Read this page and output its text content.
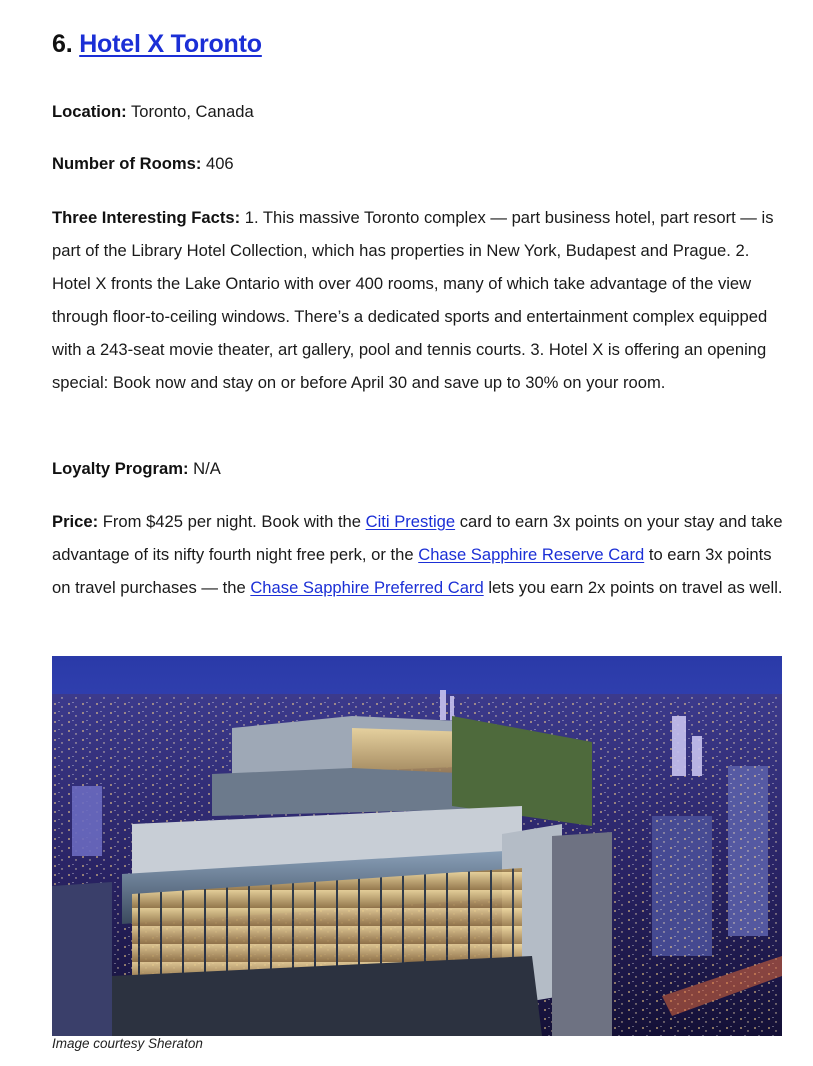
6. Hotel X Toronto

Location: Toronto, Canada

Number of Rooms: 406

Three Interesting Facts: 1. This massive Toronto complex — part business hotel, part resort — is part of the Library Hotel Collection, which has properties in New York, Budapest and Prague. 2. Hotel X fronts the Lake Ontario with over 400 rooms, many of which take advantage of the view through floor-to-ceiling windows. There’s a dedicated sports and entertainment complex equipped with a 243-seat movie theater, art gallery, pool and tennis courts. 3. Hotel X is offering an opening special: Book now and stay on or before April 30 and save up to 30% on your room.

Loyalty Program: N/A

Price: From $425 per night. Book with the Citi Prestige card to earn 3x points on your stay and take advantage of its nifty fourth night free perk, or the Chase Sapphire Reserve Card to earn 3x points on travel purchases — the Chase Sapphire Preferred Card lets you earn 2x points on travel as well.

Image courtesy Sheraton
